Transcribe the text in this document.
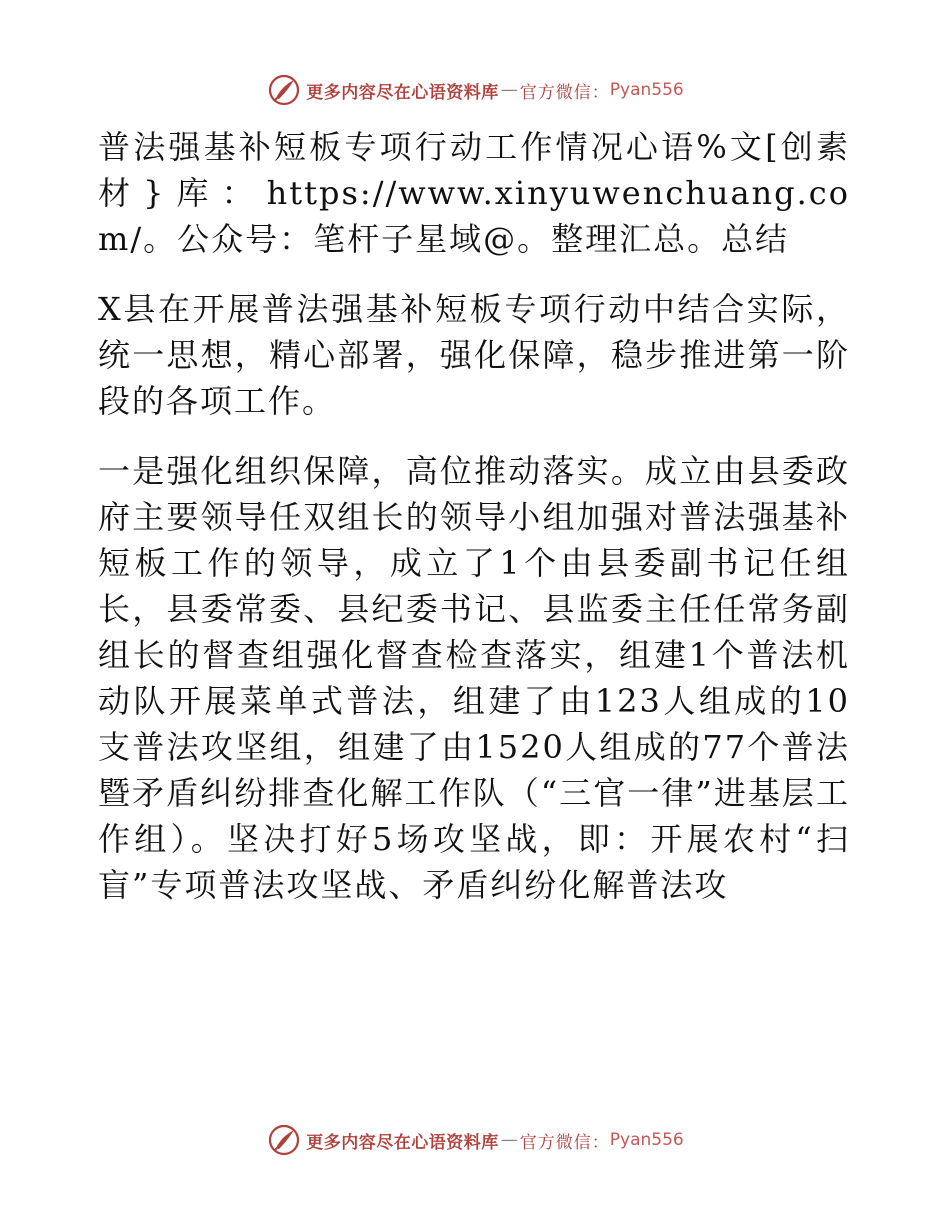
更多内容尽在心语资料库 — 官方微信： Pyan556

普法强基补短板专项行动工作情况心语%文[创素材}库：https://www.xinyuwenchuang.com/。公众号：笔杆子星域@。整理汇总。总结

X县在开展普法强基补短板专项行动中结合实际，统一思想，精心部署，强化保障，稳步推进第一阶段的各项工作。

一是强化组织保障，高位推动落实。成立由县委政府主要领导任双组长的领导小组加强对普法强基补短板工作的领导，成立了1个由县委副书记任组长，县委常委、县纪委书记、县监委主任任常务副组长的督查组强化督查检查落实，组建1个普法机动队开展菜单式普法，组建了由123人组成的10支普法攻坚组，组建了由1520人组成的77个普法暨矛盾纠纷排查化解工作队（“三官一律”进基层工作组）。坚决打好5场攻坚战，即：开展农村“扫盲”专项普法攻坚战、矛盾纠纷化解普法攻

更多内容尽在心语资料库 — 官方微信： Pyan556
